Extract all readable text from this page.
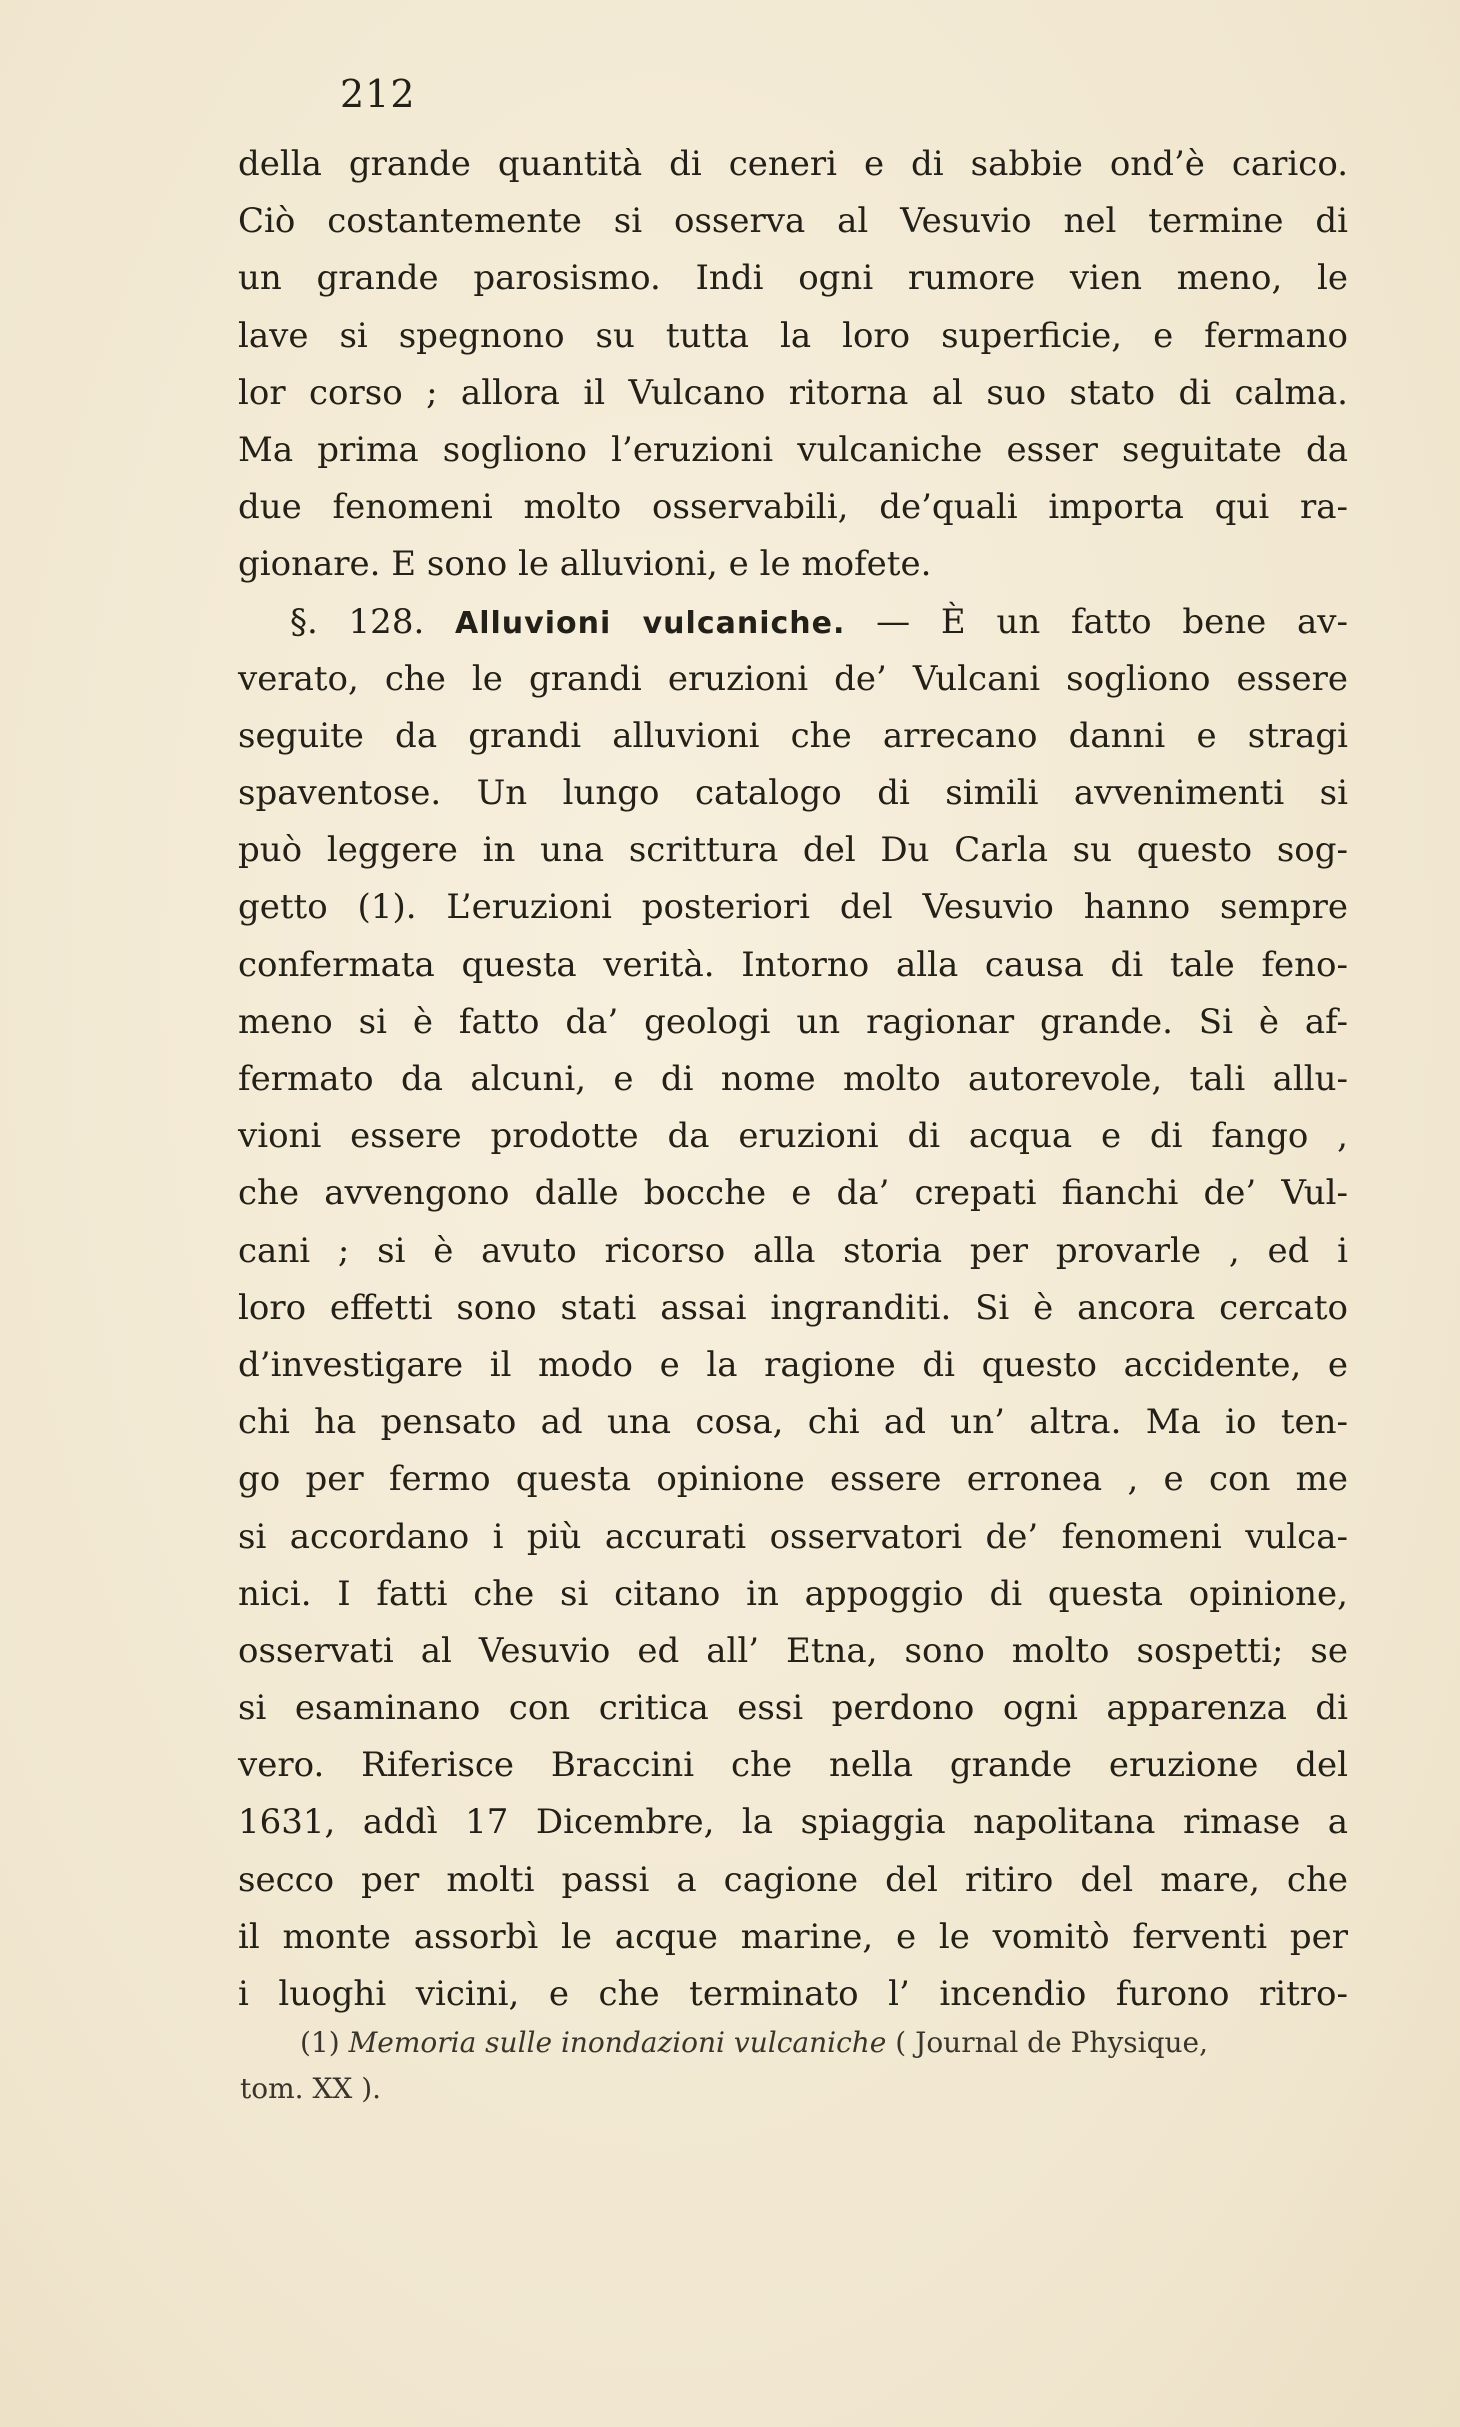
212
della grande quantità di ceneri e di sabbie ond’è carico.
Ciò costantemente si osserva al Vesuvio nel termine di
un grande parosismo. Indi ogni rumore vien meno, le
lave si spegnono su tutta la loro superficie, e fermano
lor corso ; allora il Vulcano ritorna al suo stato di calma.
Ma prima sogliono l’eruzioni vulcaniche esser seguitate da
due fenomeni molto osservabili, de’quali importa qui ra-
gionare. E sono le alluvioni, e le mofete.
§. 128. Alluvioni vulcaniche. — È un fatto bene av-
verato, che le grandi eruzioni de’ Vulcani sogliono essere
seguite da grandi alluvioni che arrecano danni e stragi
spaventose. Un lungo catalogo di simili avvenimenti si
può leggere in una scrittura del Du Carla su questo sog-
getto (1). L’eruzioni posteriori del Vesuvio hanno sempre
confermata questa verità. Intorno alla causa di tale feno-
meno si è fatto da’ geologi un ragionar grande. Si è af-
fermato da alcuni, e di nome molto autorevole, tali allu-
vioni essere prodotte da eruzioni di acqua e di fango ,
che avvengono dalle bocche e da’ crepati fianchi de’ Vul-
cani ; si è avuto ricorso alla storia per provarle , ed i
loro effetti sono stati assai ingranditi. Si è ancora cercato
d’investigare il modo e la ragione di questo accidente, e
chi ha pensato ad una cosa, chi ad un’ altra. Ma io ten-
go per fermo questa opinione essere erronea , e con me
si accordano i più accurati osservatori de’ fenomeni vulca-
nici. I fatti che si citano in appoggio di questa opinione,
osservati al Vesuvio ed all’ Etna, sono molto sospetti; se
si esaminano con critica essi perdono ogni apparenza di
vero. Riferisce Braccini che nella grande eruzione del
1631, addì 17 Dicembre, la spiaggia napolitana rimase a
secco per molti passi a cagione del ritiro del mare, che
il monte assorbì le acque marine, e le vomitò ferventi per
i luoghi vicini, e che terminato l’ incendio furono ritro-
(1) Memoria sulle inondazioni vulcaniche ( Journal de Physique,
tom. XX ).
